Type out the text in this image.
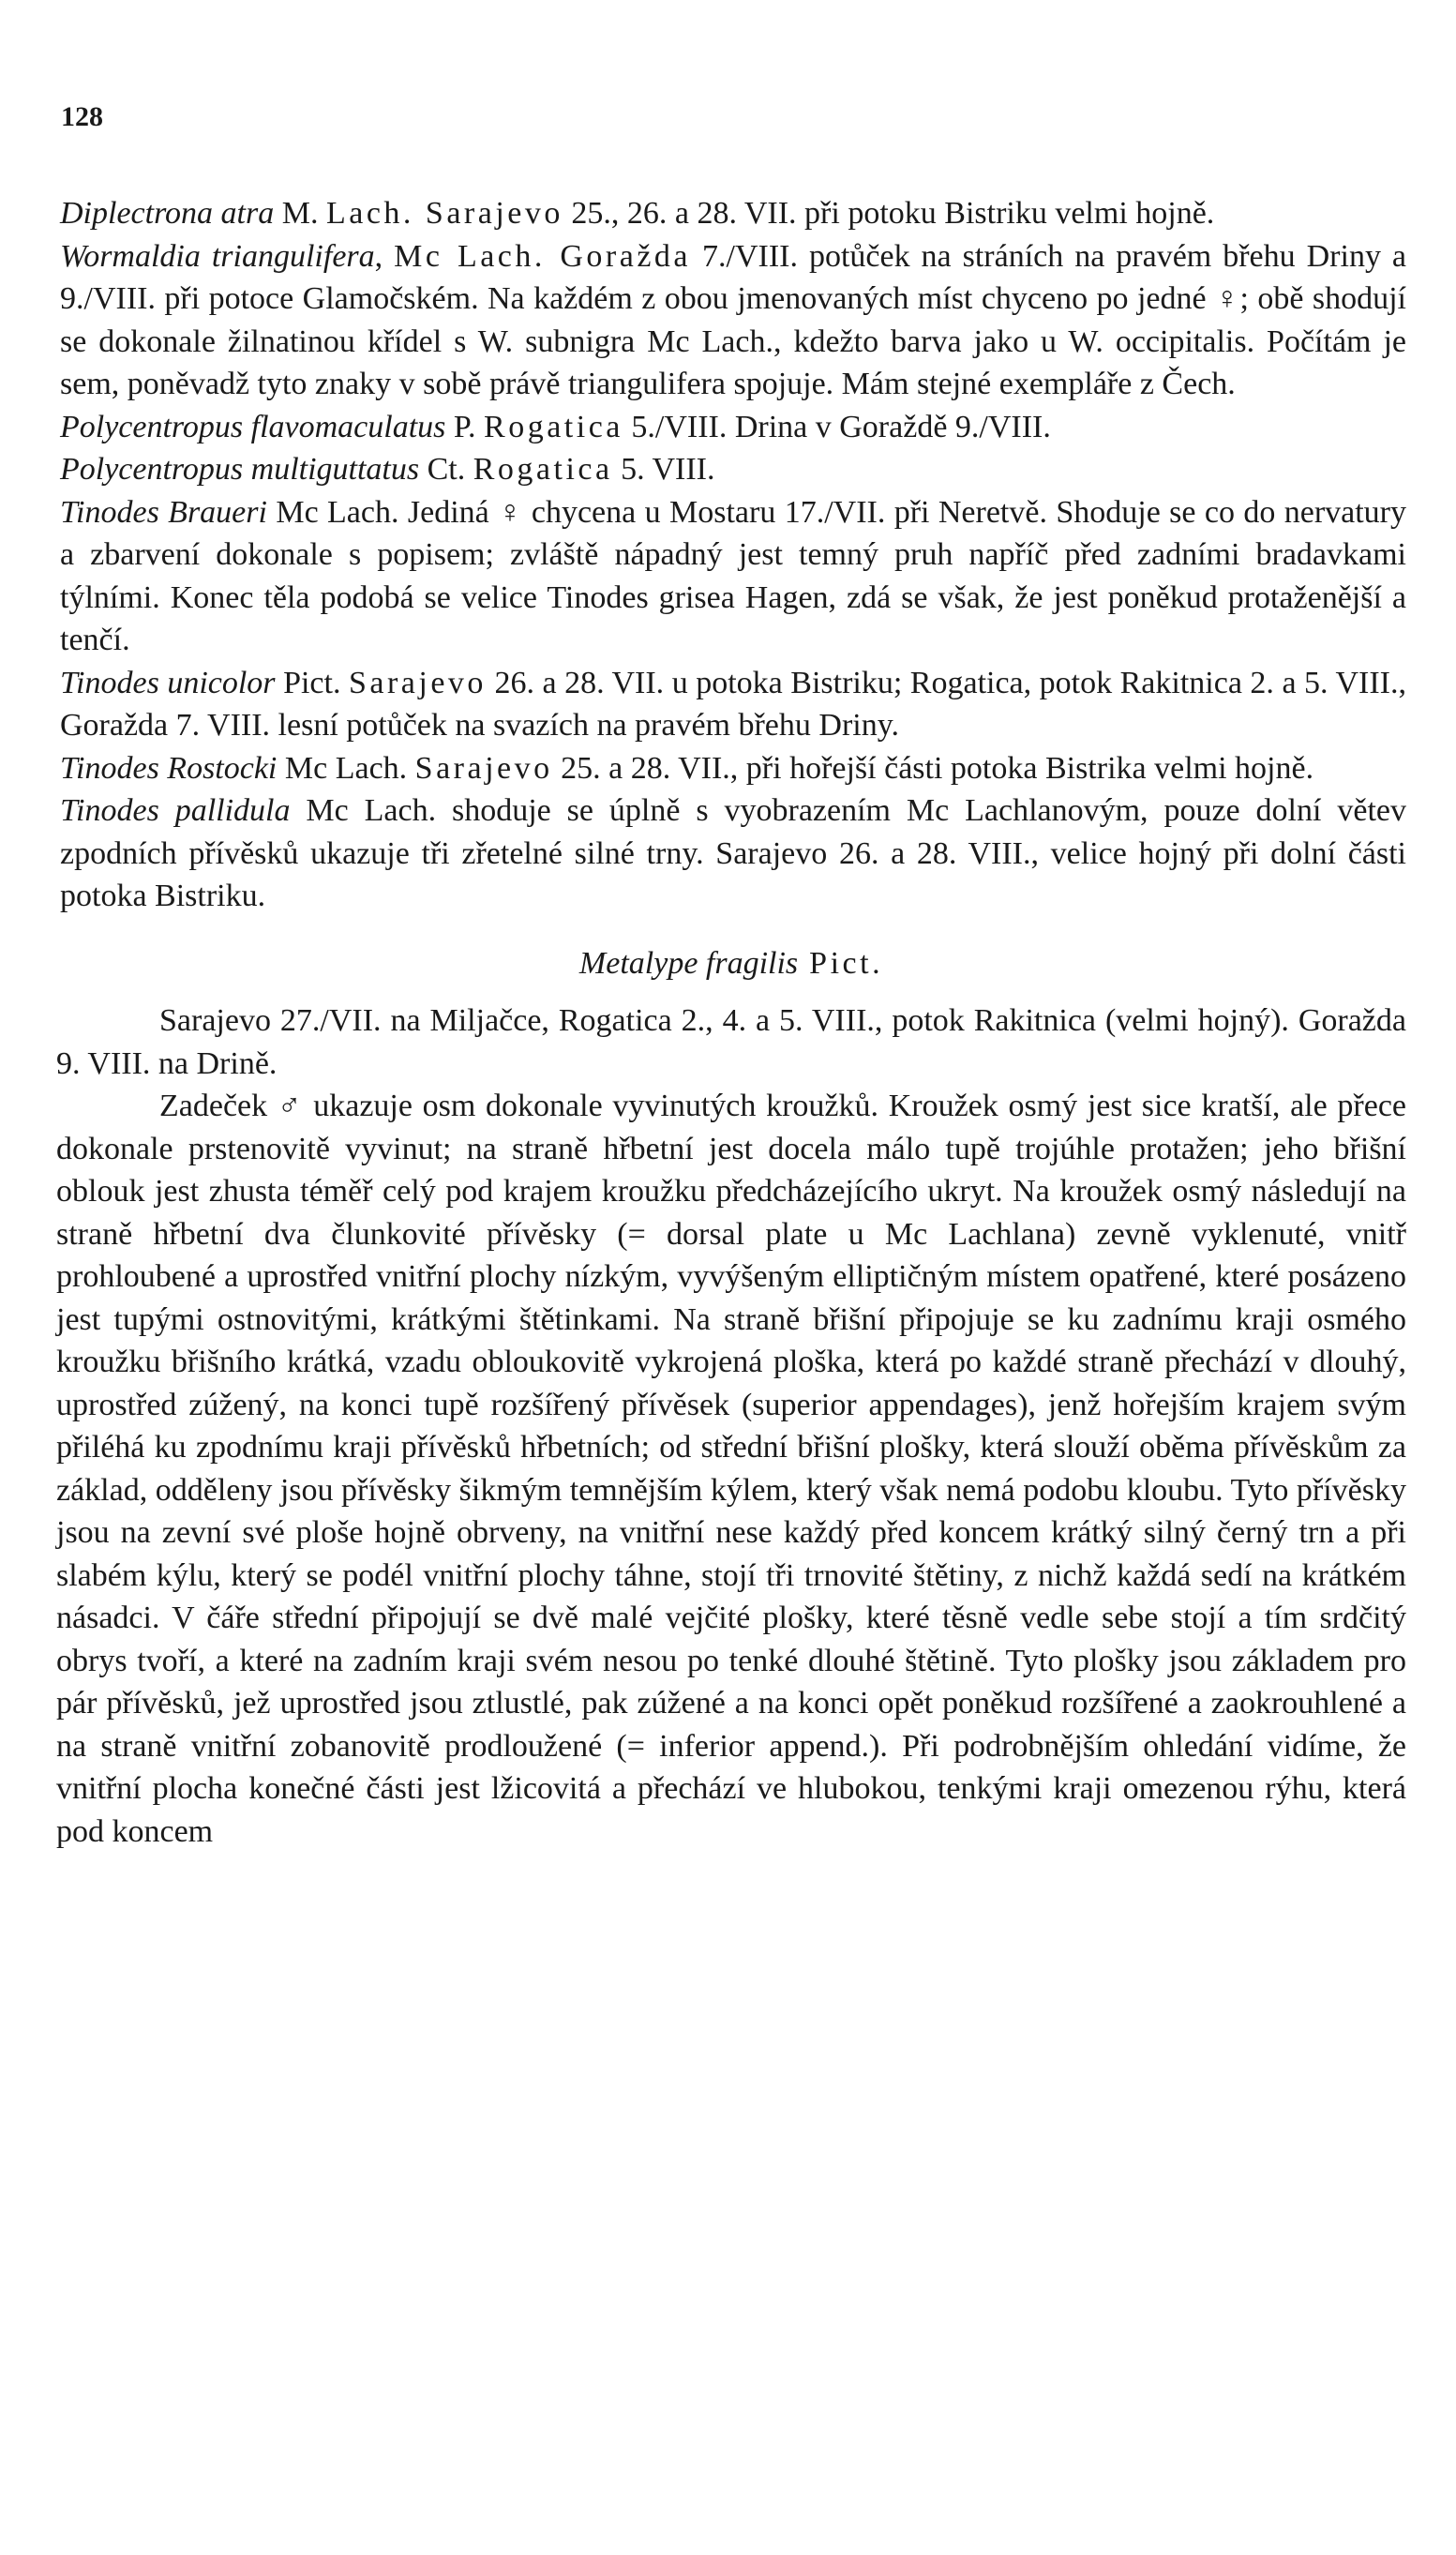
128

Diplectrona atra M. Lach. Sarajevo 25., 26. a 28. VII. při potoku Bistriku velmi hojně.

Wormaldia triangulifera, Mc Lach. Goražda 7./VIII. potůček na stráních na pravém břehu Driny a 9./VIII. při potoce Glamočském. Na každém z obou jmenovaných míst chyceno po jedné ♀; obě shodují se dokonale žilnatinou křídel s W. subnigra Mc Lach., kdežto barva jako u W. occipitalis. Počítám je sem, poněvadž tyto znaky v sobě právě triangulifera spojuje. Mám stejné exempláře z Čech.

Polycentropus flavomaculatus P. Rogatica 5./VIII. Drina v Goraždě 9./VIII.

Polycentropus multiguttatus Ct. Rogatica 5. VIII.

Tinodes Braueri Mc Lach. Jediná ♀ chycena u Mostaru 17./VII. při Neretvě. Shoduje se co do nervatury a zbarvení dokonale s popisem; zvláště nápadný jest temný pruh napříč před zadními bradavkami týlními. Konec těla podobá se velice Tinodes grisea Hagen, zdá se však, že jest poněkud protaženější a tenčí.

Tinodes unicolor Pict. Sarajevo 26. a 28. VII. u potoka Bistriku; Rogatica, potok Rakitnica 2. a 5. VIII., Goražda 7. VIII. lesní potůček na svazích na pravém břehu Driny.

Tinodes Rostocki Mc Lach. Sarajevo 25. a 28. VII., při hořejší části potoka Bistrika velmi hojně.

Tinodes pallidula Mc Lach. shoduje se úplně s vyobrazením Mc Lachlanovým, pouze dolní větev zpodních přívěsků ukazuje tři zřetelné silné trny. Sarajevo 26. a 28. VIII., velice hojný při dolní části potoka Bistriku.

Metalype fragilis Pict.

Sarajevo 27./VII. na Miljačce, Rogatica 2., 4. a 5. VIII., potok Rakitnica (velmi hojný). Goražda 9. VIII. na Drině.

Zadeček ♂ ukazuje osm dokonale vyvinutých kroužků. Kroužek osmý jest sice kratší, ale přece dokonale prstenovitě vyvinut; na straně hřbetní jest docela málo tupě trojúhle protažen; jeho břišní oblouk jest zhusta téměř celý pod krajem kroužku předcházejícího ukryt. Na kroužek osmý následují na straně hřbetní dva člunkovité přívěsky (= dorsal plate u Mc Lachlana) zevně vyklenuté, vnitř prohloubené a uprostřed vnitřní plochy nízkým, vyvýšeným elliptičným místem opatřené, které posázeno jest tupými ostnovitými, krátkými štětinkami. Na straně břišní připojuje se ku zadnímu kraji osmého kroužku břišního krátká, vzadu obloukovitě vykrojená ploška, která po každé straně přechází v dlouhý, uprostřed zúžený, na konci tupě rozšířený přívěsek (superior appendages), jenž hořejším krajem svým přiléhá ku zpodnímu kraji přívěsků hřbetních; od střední břišní plošky, která slouží oběma přívěskům za základ, odděleny jsou přívěsky šikmým temnějším kýlem, který však nemá podobu kloubu. Tyto přívěsky jsou na zevní své ploše hojně obrveny, na vnitřní nese každý před koncem krátký silný černý trn a při slabém kýlu, který se podél vnitřní plochy táhne, stojí tři trnovité štětiny, z nichž každá sedí na krátkém násadci. V čáře střední připojují se dvě malé vejčité plošky, které těsně vedle sebe stojí a tím srdčitý obrys tvoří, a které na zadním kraji svém nesou po tenké dlouhé štětině. Tyto plošky jsou základem pro pár přívěsků, jež uprostřed jsou ztlustlé, pak zúžené a na konci opět poněkud rozšířené a zaokrouhlené a na straně vnitřní zobanovitě prodloužené (= inferior append.). Při podrobnějším ohledání vidíme, že vnitřní plocha konečné části jest lžicovitá a přechází ve hlubokou, tenkými kraji omezenou rýhu, která pod koncem
